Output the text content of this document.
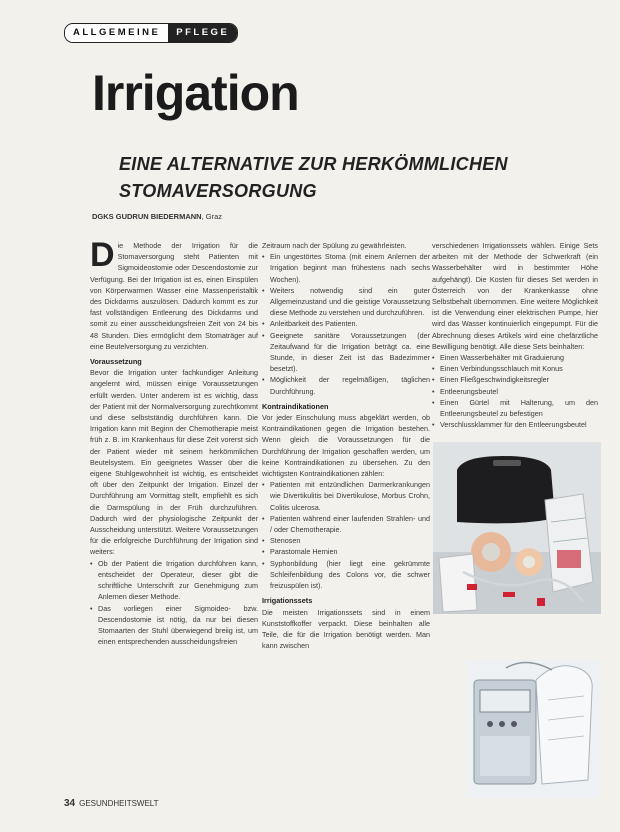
ALLGEMEINE	PFLEGE
Irrigation
EINE ALTERNATIVE ZUR HERKÖMMLICHEN
STOMAVERSORGUNG
DGKS GUDRUN BIEDERMANN, Graz

Die Methode der Irrigation für die Stomaversorgung steht Patienten mit Sigmoideostomie oder Descendostomie zur Verfügung. Bei der Irrigation ist es, einen Einspülen von Körperwarmen Wasser eine Massenperistaltik des Dickdarms auszulösen. Dadurch kommt es zur fast vollständigen Entleerung des Dickdarms und somit zu einer ausscheidungsfreien Zeit von 24 bis 48 Stunden. Dies ermöglicht dem Stomaträger auf eine Beutelversorgung zu verzichten.

Voraussetzung

Bevor die Irrigation unter fachkundiger Anleitung angelernt wird, müssen einige Voraussetzungen erfüllt werden. Unter anderem ist es wichtig, dass der Patient mit der Normalversorgung zurechtkommt und diese selbstständig durchführen kann. Die Irrigation kann mit Beginn der Chemotherapie meist früh z. B. im Krankenhaus für diese Zeit vorerst sich der Patient wieder mit seinem herkömmlichen Beutelsystem. Ein geeignetes Wasser über die eigene Stuhlgewohnheit ist wichtig, es entscheidet oft über den Zeitpunkt der Irrigation. Einzel der Durchführung am Vormittag stellt, empfiehlt es sich die Darmspülung in der Früh durchzuführen. Dadurch wird der physiologische Zeitpunkt der Ausscheidung unterstützt. Weitere Voraussetzungen für die erfolgreiche Durchführung der Irrigation sind weiters:

• Ob der Patient die Irrigation durchführen kann, entscheidet der Operateur, dieser gibt die schriftliche Unterschrift zur Genehmigung zum Anlernen dieser Methode.
• Das vorliegen einer Sigmoideo- bzw. Descendostomie ist nötig, da nur bei diesen Stomaarten der Stuhl überwiegend breiig ist, um einen entsprechenden ausscheidungsfreien

Zeitraum nach der Spülung zu gewährleisten.

• Ein ungestörtes Stoma (mit einem Anlernen der Irrigation beginnt man frühestens nach sechs Wochen).
• Weiters notwendig sind ein guter Allgemeinzustand und die geistige Voraussetzung diese Methode zu verstehen und durchzuführen.
• Anleitbarkeit des Patienten.
• Geeignete sanitäre Voraussetzungen (der Zeitaufwand für die Irrigation beträgt ca. eine Stunde, in dieser Zeit ist das Badezimmer besetzt).
• Möglichkeit der regelmäßigen, täglichen Durchführung.
Kontraindikationen

Vor jeder Einschulung muss abgeklärt werden, ob Kontraindikationen gegen die Irrigation bestehen. Wenn gleich die Voraussetzungen für die Durchführung der Irrigation geschaffen werden, um keine Kontraindikationen zu übersehen. Zu den wichtigsten Kontraindikationen zählen:

• Patienten mit entzündlichen Darmerkrankungen wie Divertikulitis bei Divertikulose, Morbus Crohn, Colitis ulcerosa.
• Patienten während einer laufenden Strahlen- und / oder Chemotherapie.
• Stenosen
• Parastomale Hernien
• Syphonbildung (hier liegt eine gekrümmte Schleifenbildung des Colons vor, die schwer freizuspülen ist).
Irrigationssets

Die meisten Irrigationssets sind in einem Kunststoffkoffer verpackt. Diese beinhalten alle Teile, die für die Irrigation benötigt werden. Man kann zwischen

verschiedenen Irrigationssets wählen. Einige Sets arbeiten mit der Methode der Schwerkraft (ein Wasserbehälter wird in bestimmter Höhe aufgehängt). Die Kosten für dieses Set werden in Österreich von der Krankenkasse ohne Selbstbehalt übernommen. Eine weitere Möglichkeit ist die Verwendung einer elektrischen Pumpe, hier wird das Wasser kontinuierlich eingepumpt. Für die Abrechnung dieses Artikels wird eine chefärztliche Bewilligung benötigt. Alle diese Sets beinhalten:

• Einen Wasserbehälter mit Graduierung
• Einen Verbindungsschlauch mit Konus
• Einen Fließgeschwindigkeitsregler
• Entleerungsbeutel
• Einen Gürtel mit Halterung, um den Entleerungsbeutel zu befestigen
• Verschlussklammer für den Entleerungsbeutel
34 GESUNDHEITSWELT
